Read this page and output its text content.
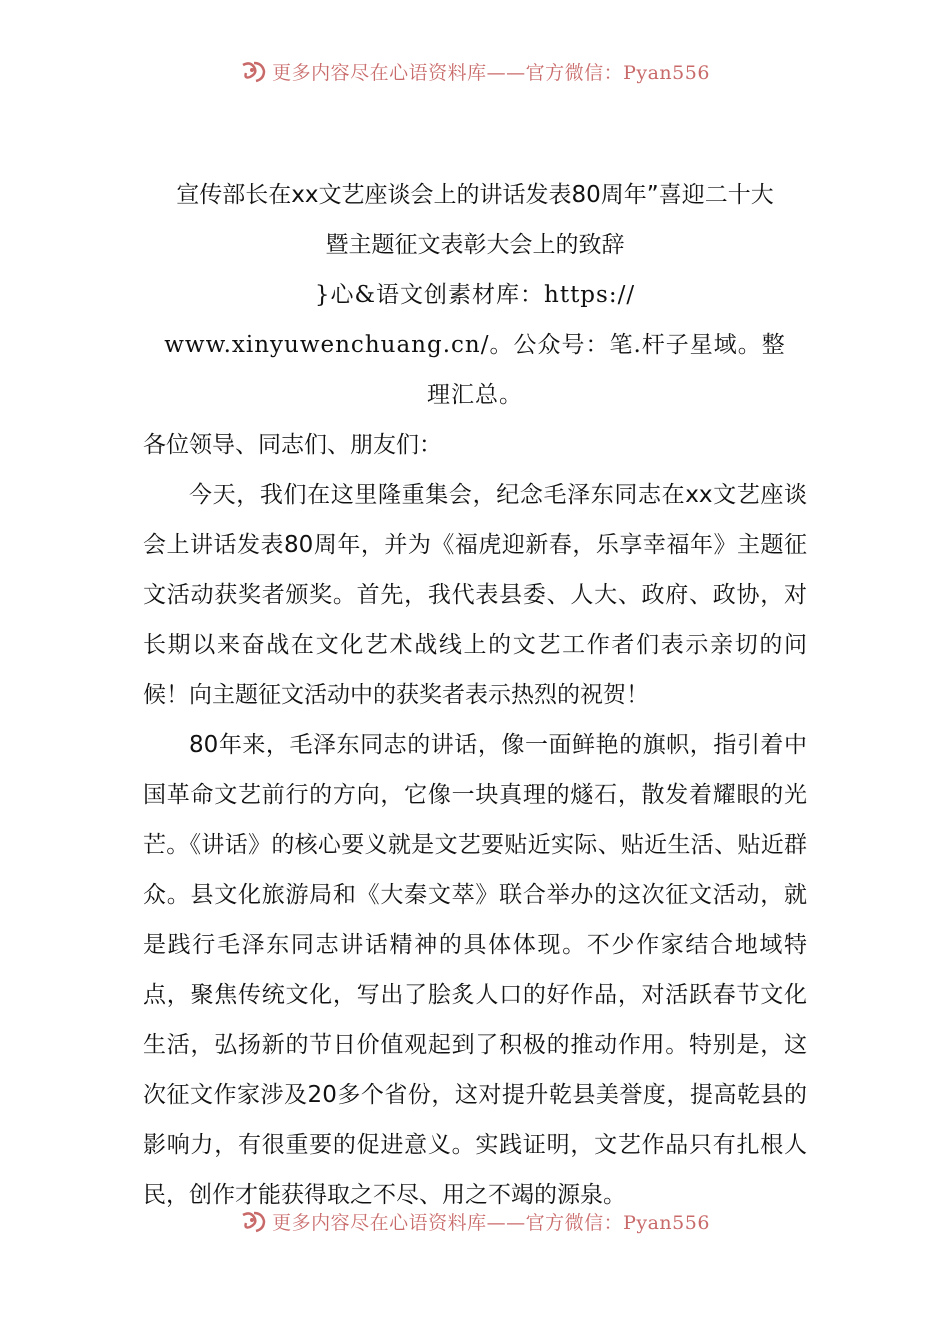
更多内容尽在心语资料库——官方微信：Pyan556

宣传部长在xx文艺座谈会上的讲话发表80周年”喜迎二十大

暨主题征文表彰大会上的致辞

}心&语文创素材库：https://

www.xinyuwenchuang.cn/。公众号：笔.杆子星域。整

理汇总。

各位领导、同志们、朋友们：

今天，我们在这里隆重集会，纪念毛泽东同志在xx文艺座谈会上讲话发表80周年，并为《福虎迎新春，乐享幸福年》主题征文活动获奖者颁奖。首先，我代表县委、人大、政府、政协，对长期以来奋战在文化艺术战线上的文艺工作者们表示亲切的问候！向主题征文活动中的获奖者表示热烈的祝贺！

80年来，毛泽东同志的讲话，像一面鲜艳的旗帜，指引着中国革命文艺前行的方向，它像一块真理的燧石，散发着耀眼的光芒。《讲话》的核心要义就是文艺要贴近实际、贴近生活、贴近群众。县文化旅游局和《大秦文萃》联合举办的这次征文活动，就是践行毛泽东同志讲话精神的具体体现。不少作家结合地域特点，聚焦传统文化，写出了脍炙人口的好作品，对活跃春节文化生活，弘扬新的节日价值观起到了积极的推动作用。特别是，这次征文作家涉及20多个省份，这对提升乾县美誉度，提高乾县的影响力，有很重要的促进意义。实践证明，文艺作品只有扎根人民，创作才能获得取之不尽、用之不竭的源泉。

更多内容尽在心语资料库——官方微信：Pyan556
